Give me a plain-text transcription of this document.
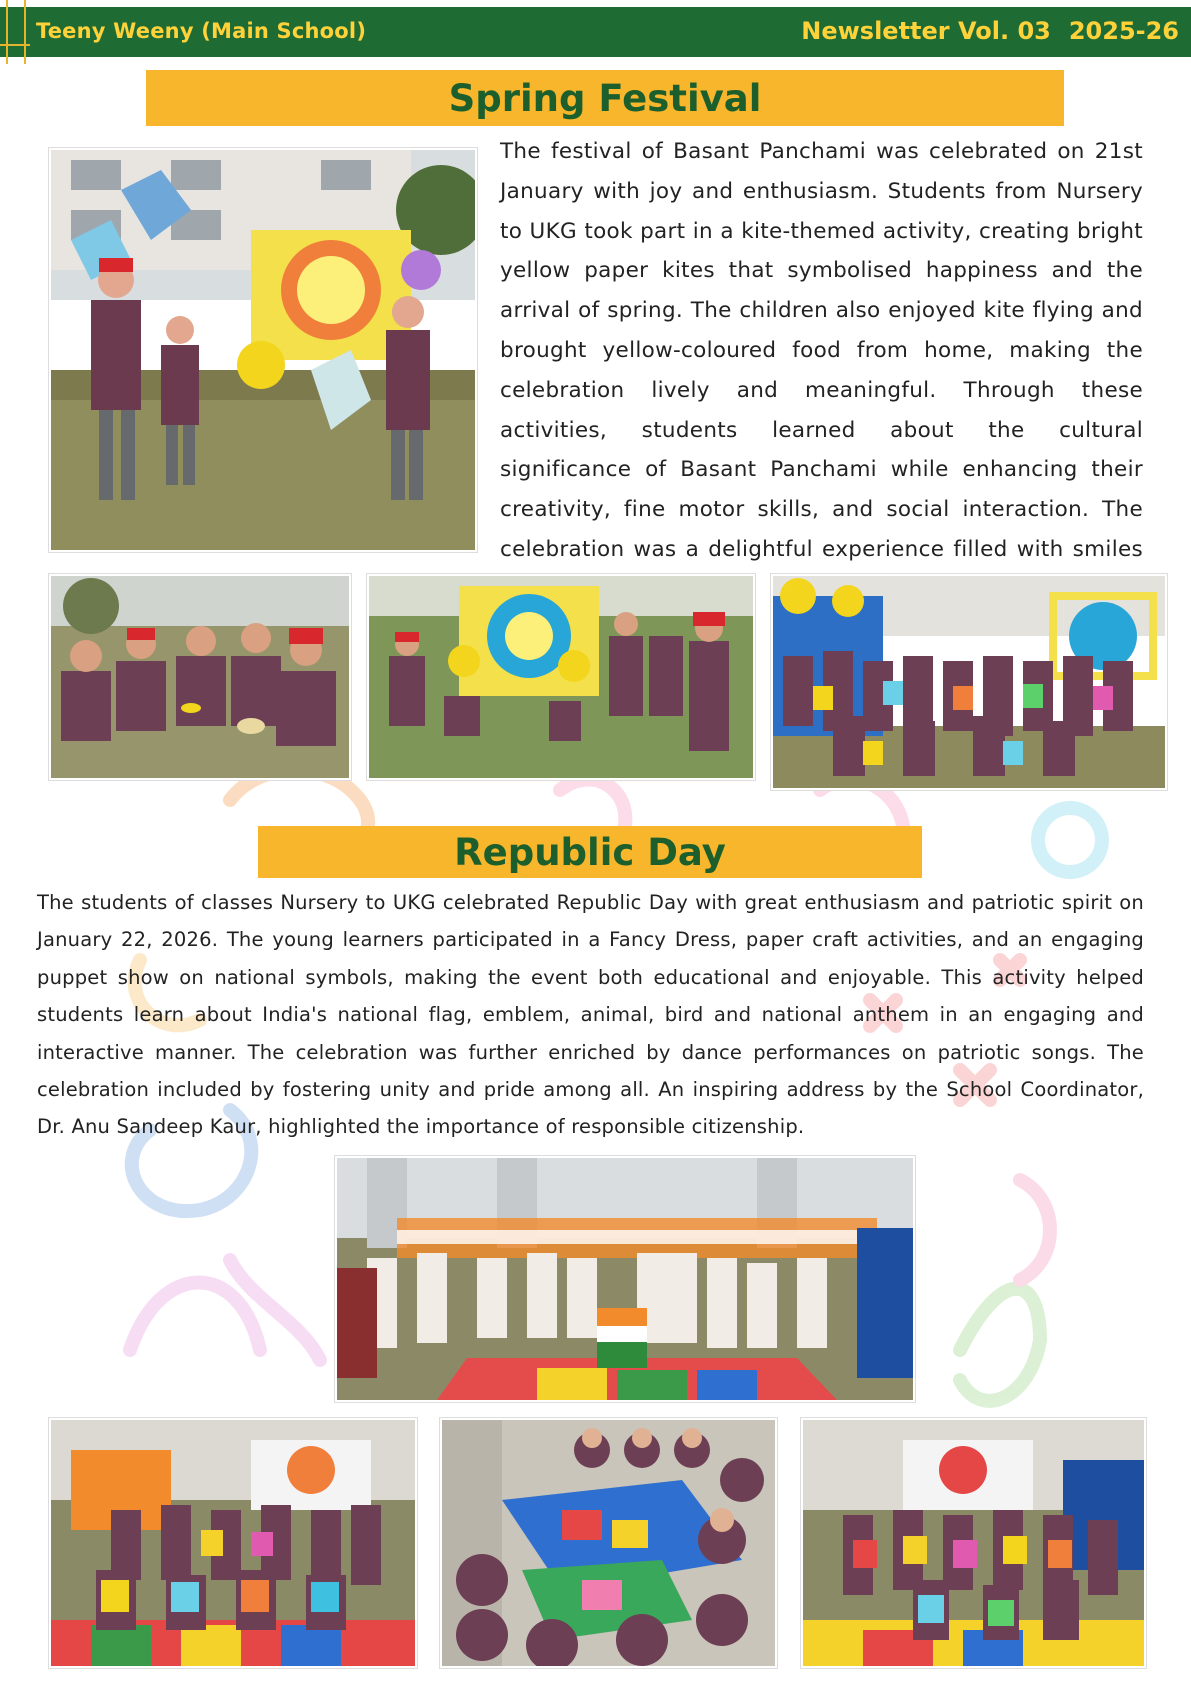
Teeny Weeny (Main School)	Newsletter Vol. 03 2025-26
Spring Festival
The festival of Basant Panchami was celebrated on 21st January with joy and enthusiasm. Students from Nursery to UKG took part in a kite-themed activity, creating bright yellow paper kites that symbolised happiness and the arrival of spring. The children also enjoyed kite flying and brought yellow-coloured food from home, making the celebration lively and meaningful. Through these activities, students learned about the cultural significance of Basant Panchami while enhancing their creativity, fine motor skills, and social interaction. The celebration was a delightful experience filled with smiles
Republic Day
The students of classes Nursery to UKG celebrated Republic Day with great enthusiasm and patriotic spirit on January 22, 2026. The young learners participated in a Fancy Dress, paper craft activities, and an engaging puppet show on national symbols, making the event both educational and enjoyable. This activity helped students learn about India's national flag, emblem, animal, bird and national anthem in an engaging and interactive manner. The celebration was further enriched by dance performances on patriotic songs. The celebration included by fostering unity and pride among all. An inspiring address by the School Coordinator, Dr. Anu Sandeep Kaur, highlighted the importance of responsible citizenship.
